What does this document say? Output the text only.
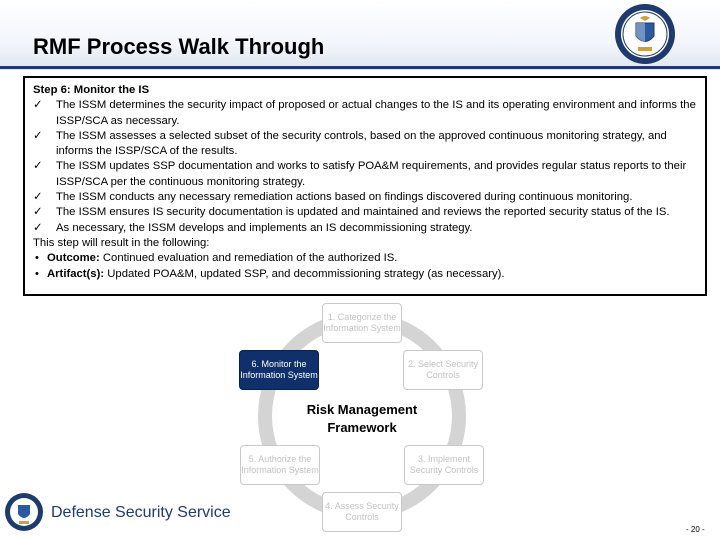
RMF Process Walk Through
Step 6: Monitor the IS
✓ The ISSM determines the security impact of proposed or actual changes to the IS and its operating environment and informs the ISSP/SCA as necessary.
✓ The ISSM assesses a selected subset of the security controls, based on the approved continuous monitoring strategy, and informs the ISSP/SCA of the results.
✓ The ISSM updates SSP documentation and works to satisfy POA&M requirements, and provides regular status reports to their ISSP/SCA per the continuous monitoring strategy.
✓ The ISSM conducts any necessary remediation actions based on findings discovered during continuous monitoring.
✓ The ISSM ensures IS security documentation is updated and maintained and reviews the reported security status of the IS.
✓ As necessary, the ISSM develops and implements an IS decommissioning strategy.
This step will result in the following:
• Outcome: Continued evaluation and remediation of the authorized IS.
• Artifact(s): Updated POA&M, updated SSP, and decommissioning strategy (as necessary).
1. Categorize the Information System
2. Select Security Controls
3. Implement Security Controls
4. Assess Security Controls
5. Authorize the Information System
6. Monitor the Information System
Risk Management
Framework
Defense Security Service
- 20 -
